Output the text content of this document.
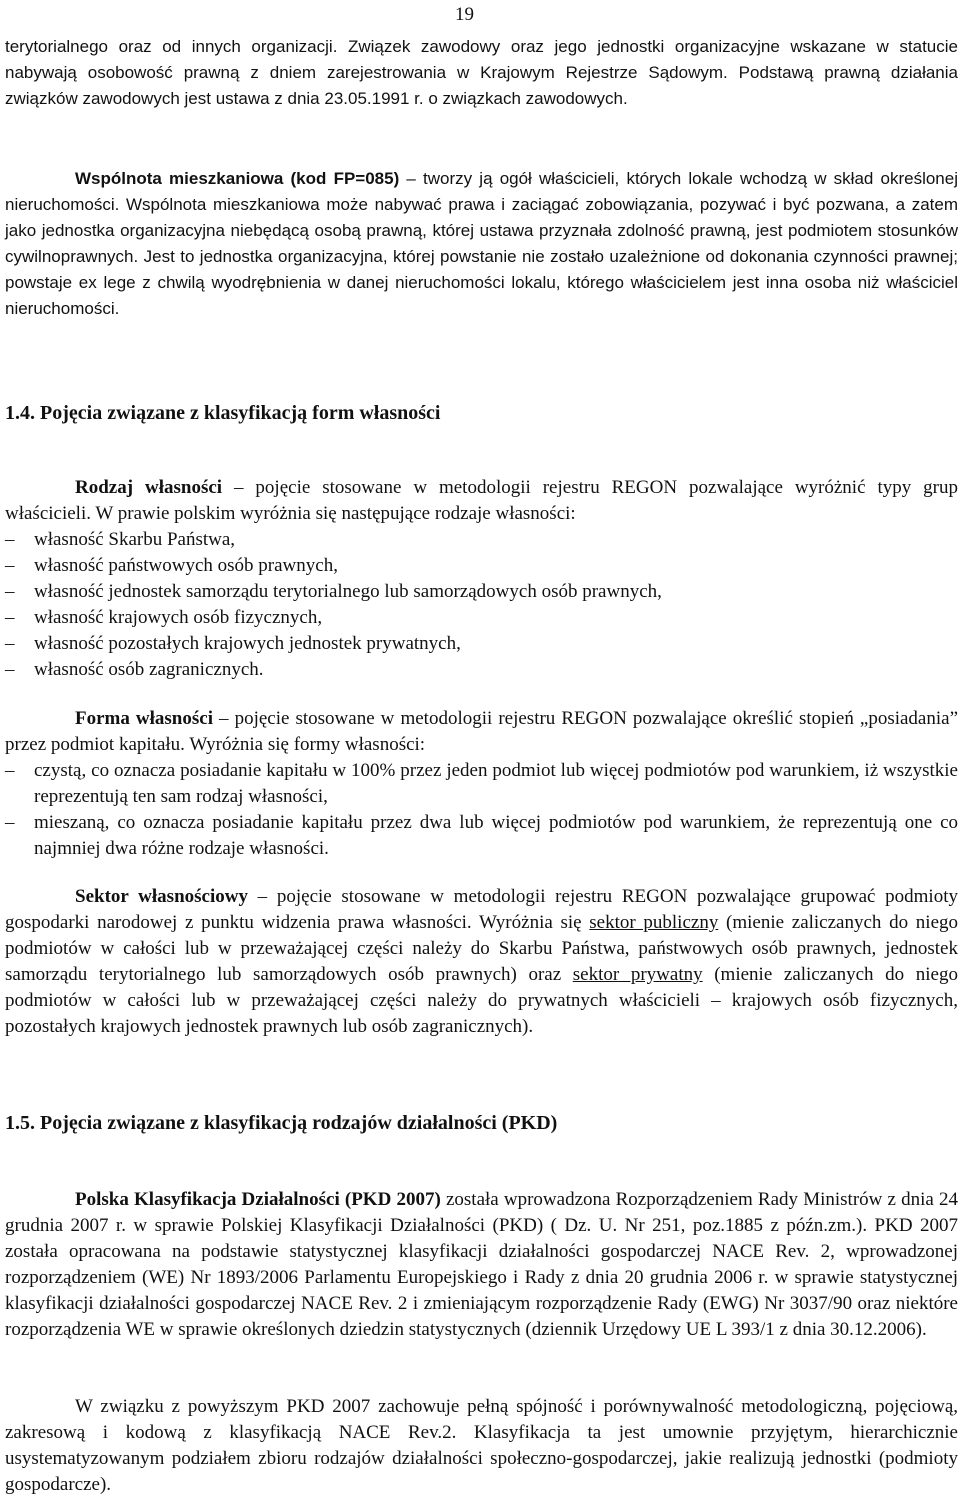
19

terytorialnego oraz od innych organizacji. Związek zawodowy oraz jego jednostki organizacyjne wskazane w statucie nabywają osobowość prawną z dniem zarejestrowania w Krajowym Rejestrze Sądowym. Podstawą prawną działania związków zawodowych jest ustawa z dnia 23.05.1991 r. o związkach zawodowych.

Wspólnota mieszkaniowa (kod FP=085) – tworzy ją ogół właścicieli, których lokale wchodzą w skład określonej nieruchomości. Wspólnota mieszkaniowa może nabywać prawa i zaciągać zobowiązania, pozywać i być pozwana, a zatem jako jednostka organizacyjna niebędącą osobą prawną, której ustawa przyznała zdolność prawną, jest podmiotem stosunków cywilnoprawnych. Jest to jednostka organizacyjna, której powstanie nie zostało uzależnione od dokonania czynności prawnej; powstaje ex lege z chwilą wyodrębnienia w danej nieruchomości lokalu, którego właścicielem jest inna osoba niż właściciel nieruchomości.

1.4. Pojęcia związane z klasyfikacją form własności

Rodzaj własności – pojęcie stosowane w metodologii rejestru REGON pozwalające wyróżnić typy grup właścicieli. W prawie polskim wyróżnia się następujące rodzaje własności:

– własność Skarbu Państwa,
– własność państwowych osób prawnych,
– własność jednostek samorządu terytorialnego lub samorządowych osób prawnych,
– własność krajowych osób fizycznych,
– własność pozostałych krajowych jednostek prywatnych,
– własność osób zagranicznych.

Forma własności – pojęcie stosowane w metodologii rejestru REGON pozwalające określić stopień „posiadania” przez podmiot kapitału. Wyróżnia się formy własności:

– czystą, co oznacza posiadanie kapitału w 100% przez jeden podmiot lub więcej podmiotów pod warunkiem, iż wszystkie reprezentują ten sam rodzaj własności,
– mieszaną, co oznacza posiadanie kapitału przez dwa lub więcej podmiotów pod warunkiem, że reprezentują one co najmniej dwa różne rodzaje własności.

Sektor własnościowy – pojęcie stosowane w metodologii rejestru REGON pozwalające grupować podmioty gospodarki narodowej z punktu widzenia prawa własności. Wyróżnia się sektor publiczny (mienie zaliczanych do niego podmiotów w całości lub w przeważającej części należy do Skarbu Państwa, państwowych osób prawnych, jednostek samorządu terytorialnego lub samorządowych osób prawnych) oraz sektor prywatny (mienie zaliczanych do niego podmiotów w całości lub w przeważającej części należy do prywatnych właścicieli – krajowych osób fizycznych, pozostałych krajowych jednostek prawnych lub osób zagranicznych).

1.5. Pojęcia związane z klasyfikacją rodzajów działalności (PKD)

Polska Klasyfikacja Działalności (PKD 2007) została wprowadzona Rozporządzeniem Rady Ministrów z dnia 24 grudnia 2007 r. w sprawie Polskiej Klasyfikacji Działalności (PKD) ( Dz. U. Nr 251, poz.1885 z późn.zm.). PKD 2007 została opracowana na podstawie statystycznej klasyfikacji działalności gospodarczej NACE Rev. 2, wprowadzonej rozporządzeniem (WE) Nr 1893/2006 Parlamentu Europejskiego i Rady z dnia 20 grudnia 2006 r. w sprawie statystycznej klasyfikacji działalności gospodarczej NACE Rev. 2 i zmieniającym rozporządzenie Rady (EWG) Nr 3037/90 oraz niektóre rozporządzenia WE w sprawie określonych dziedzin statystycznych (dziennik Urzędowy UE L 393/1 z dnia 30.12.2006).

W związku z powyższym PKD 2007 zachowuje pełną spójność i porównywalność metodologiczną, pojęciową, zakresową i kodową z klasyfikacją NACE Rev.2. Klasyfikacja ta jest umownie przyjętym, hierarchicznie usystematyzowanym podziałem zbioru rodzajów działalności społeczno-gospodarczej, jakie realizują jednostki (podmioty gospodarcze).
